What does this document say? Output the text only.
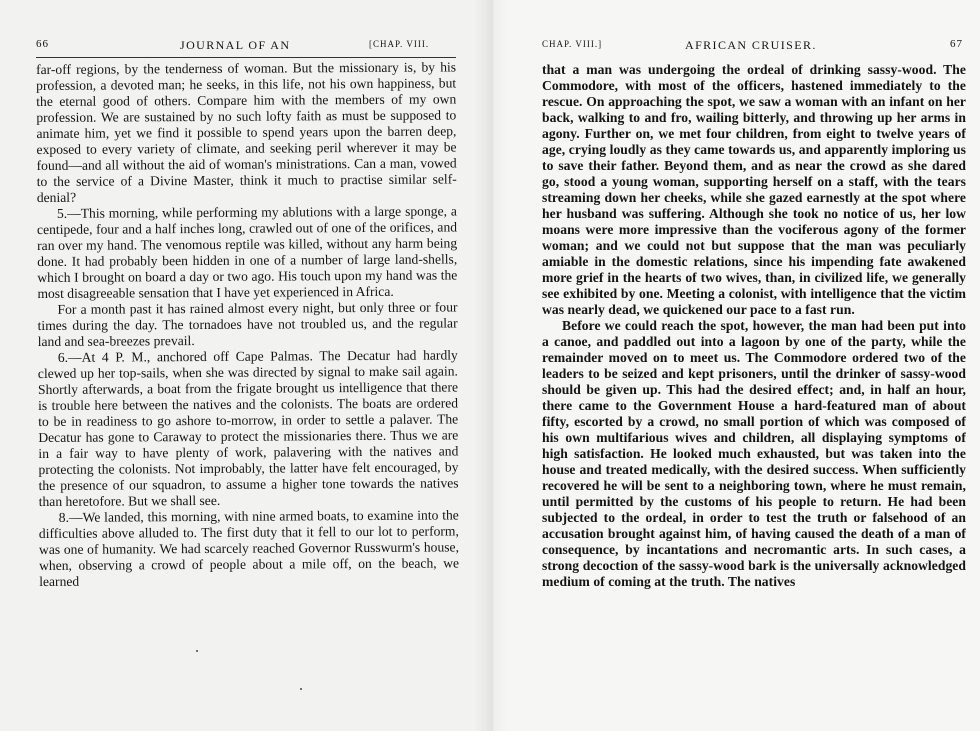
66	JOURNAL OF AN	[CHAP. VIII.

far-off regions, by the tenderness of woman. But the missionary is, by his profession, a devoted man; he seeks, in this life, not his own happiness, but the eternal good of others. Compare him with the members of my own profession. We are sustained by no such lofty faith as must be supposed to animate him, yet we find it possible to spend years upon the barren deep, exposed to every variety of climate, and seeking peril wherever it may be found—and all without the aid of woman's ministrations. Can a man, vowed to the service of a Divine Master, think it much to practise similar self-denial?

5.—This morning, while performing my ablutions with a large sponge, a centipede, four and a half inches long, crawled out of one of the orifices, and ran over my hand. The venomous reptile was killed, without any harm being done. It had probably been hidden in one of a number of large land-shells, which I brought on board a day or two ago. His touch upon my hand was the most disagreeable sensation that I have yet experienced in Africa.

For a month past it has rained almost every night, but only three or four times during the day. The tornadoes have not troubled us, and the regular land and sea-breezes prevail.

6.—At 4 P. M., anchored off Cape Palmas. The Decatur had hardly clewed up her top-sails, when she was directed by signal to make sail again. Shortly afterwards, a boat from the frigate brought us intelligence that there is trouble here between the natives and the colonists. The boats are ordered to be in readiness to go ashore to-morrow, in order to settle a palaver. The Decatur has gone to Caraway to protect the missionaries there. Thus we are in a fair way to have plenty of work, palavering with the natives and protecting the colonists. Not improbably, the latter have felt encouraged, by the presence of our squadron, to assume a higher tone towards the natives than heretofore. But we shall see.

8.—We landed, this morning, with nine armed boats, to examine into the difficulties above alluded to. The first duty that it fell to our lot to perform, was one of humanity. We had scarcely reached Governor Russwurm's house, when, observing a crowd of people about a mile off, on the beach, we learned

CHAP. VIII.]	AFRICAN CRUISER.	67

that a man was undergoing the ordeal of drinking sassy-wood. The Commodore, with most of the officers, hastened immediately to the rescue. On approaching the spot, we saw a woman with an infant on her back, walking to and fro, wailing bitterly, and throwing up her arms in agony. Further on, we met four children, from eight to twelve years of age, crying loudly as they came towards us, and apparently imploring us to save their father. Beyond them, and as near the crowd as she dared go, stood a young woman, supporting herself on a staff, with the tears streaming down her cheeks, while she gazed earnestly at the spot where her husband was suffering. Although she took no notice of us, her low moans were more impressive than the vociferous agony of the former woman; and we could not but suppose that the man was peculiarly amiable in the domestic relations, since his impending fate awakened more grief in the hearts of two wives, than, in civilized life, we generally see exhibited by one. Meeting a colonist, with intelligence that the victim was nearly dead, we quickened our pace to a fast run.

Before we could reach the spot, however, the man had been put into a canoe, and paddled out into a lagoon by one of the party, while the remainder moved on to meet us. The Commodore ordered two of the leaders to be seized and kept prisoners, until the drinker of sassy-wood should be given up. This had the desired effect; and, in half an hour, there came to the Government House a hard-featured man of about fifty, escorted by a crowd, no small portion of which was composed of his own multifarious wives and children, all displaying symptoms of high satisfaction. He looked much exhausted, but was taken into the house and treated medically, with the desired success. When sufficiently recovered he will be sent to a neighboring town, where he must remain, until permitted by the customs of his people to return. He had been subjected to the ordeal, in order to test the truth or falsehood of an accusation brought against him, of having caused the death of a man of consequence, by incantations and necromantic arts. In such cases, a strong decoction of the sassy-wood bark is the universally acknowledged medium of coming at the truth. The natives
